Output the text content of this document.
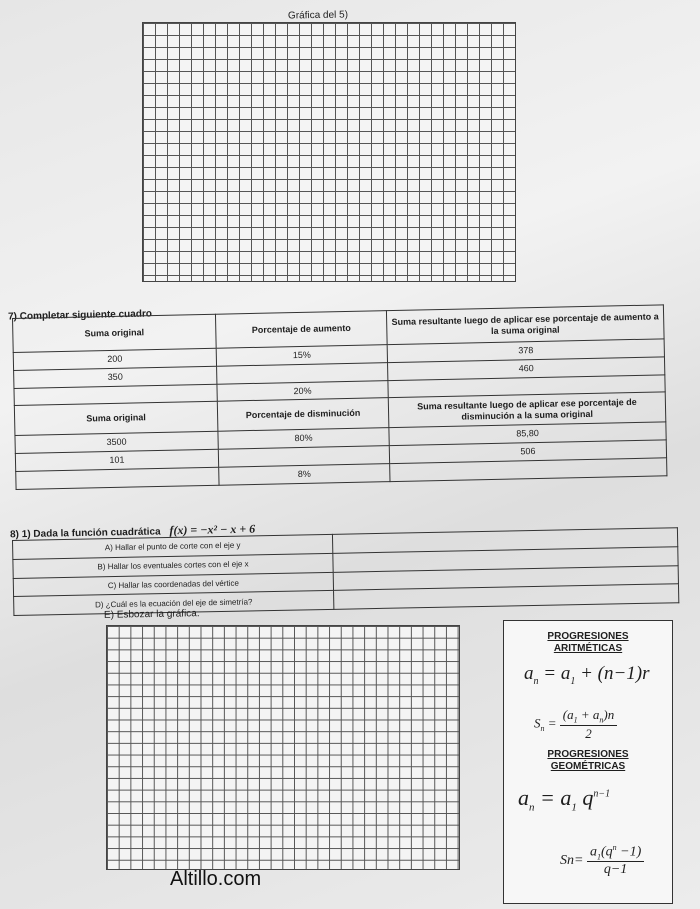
Gráfica del 5)
7) Completar siguiente cuadro
Suma original	Porcentaje de aumento	Suma resultante luego de aplicar ese porcentaje de aumento a la suma original
200	15%	378
350		460
	20%	
Suma original	Porcentaje de disminución	Suma resultante luego de aplicar ese porcentaje de disminución a la suma original
3500	80%	85,80
101		506
	8%	
8) 1) Dada la función cuadrática f(x) = −x² − x + 6
A) Hallar el punto de corte con el eje y	
B) Hallar los eventuales cortes con el eje x	
C) Hallar las coordenadas del vértice	
D) ¿Cuál es la ecuación del eje de simetría?	
E) Esbozar la gráfica.
PROGRESIONES
ARITMÉTICAS
$a_n = a_1 + (n-1)r$
$S_n = \frac{(a_1 + a_n)n}{2}$
PROGRESIONES
GEOMÉTRICAS
$a_n = a_1$ $q^{n-1}$
$Sn= \frac{a_1(q^n -1)}{q-1}$
Altillo.com
